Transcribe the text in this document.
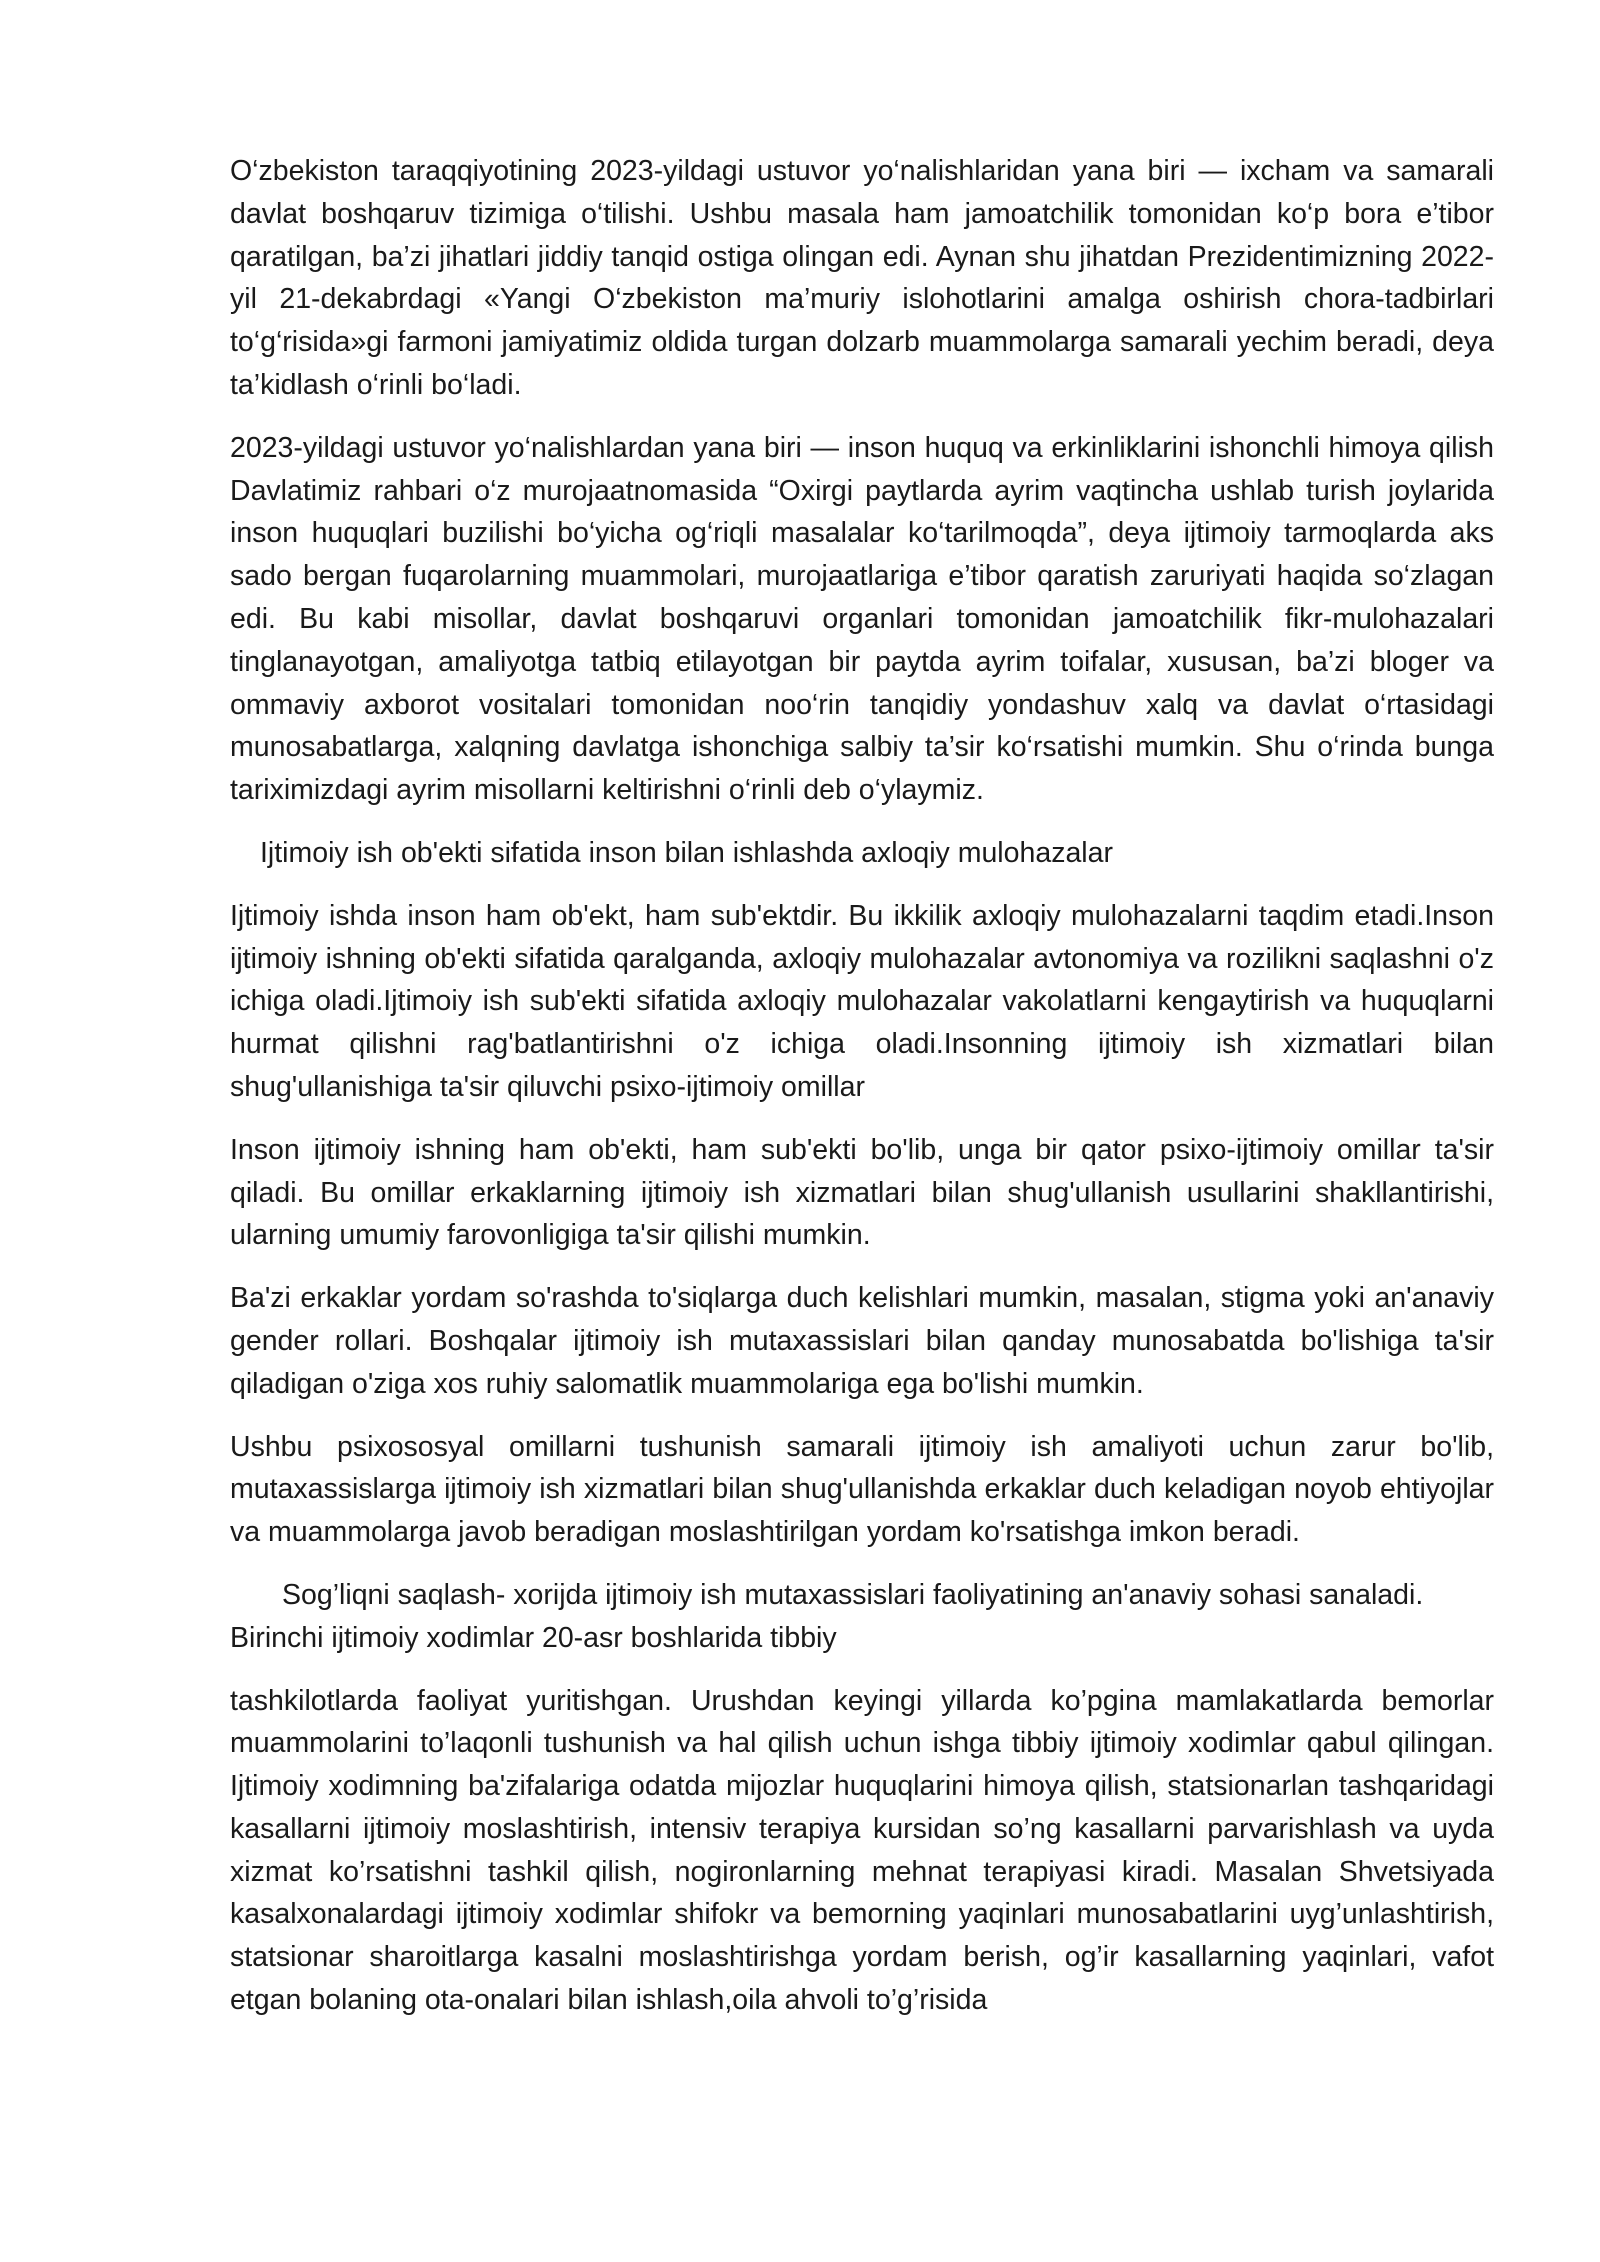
O‘zbekiston taraqqiyotining 2023-yildagi ustuvor yo‘nalishlaridan yana biri — ixcham va samarali davlat boshqaruv tizimiga o‘tilishi. Ushbu masala ham jamoatchilik tomonidan ko‘p bora e’tibor qaratilgan, ba’zi jihatlari jiddiy tanqid ostiga olingan edi. Aynan shu jihatdan Prezidentimizning 2022-yil 21-dekabrdagi «Yangi O‘zbekiston ma’muriy islohotlarini amalga oshirish chora-tadbirlari to‘g‘risida»gi farmoni jamiyatimiz oldida turgan dolzarb muammolarga samarali yechim beradi, deya ta’kidlash o‘rinli bo‘ladi.

2023-yildagi ustuvor yo‘nalishlardan yana biri — inson huquq va erkinliklarini ishonchli himoya qilish Davlatimiz rahbari o‘z murojaatnomasida “Oxirgi paytlarda ayrim vaqtincha ushlab turish joylarida inson huquqlari buzilishi bo‘yicha og‘riqli masalalar ko‘tarilmoqda”, deya ijtimoiy tarmoqlarda aks sado bergan fuqarolarning muammolari, murojaatlariga e’tibor qaratish zaruriyati haqida so‘zlagan edi. Bu kabi misollar, davlat boshqaruvi organlari tomonidan jamoatchilik fikr-mulohazalari tinglanayotgan, amaliyotga tatbiq etilayotgan bir paytda ayrim toifalar, xususan, ba’zi bloger va ommaviy axborot vositalari tomonidan noo‘rin tanqidiy yondashuv xalq va davlat o‘rtasidagi munosabatlarga, xalqning davlatga ishonchiga salbiy ta’sir ko‘rsatishi mumkin. Shu o‘rinda bunga tariximizdagi ayrim misollarni keltirishni o‘rinli deb o‘ylaymiz.

Ijtimoiy ish ob'ekti sifatida inson bilan ishlashda axloqiy mulohazalar

Ijtimoiy ishda inson ham ob'ekt, ham sub'ektdir. Bu ikkilik axloqiy mulohazalarni taqdim etadi.Inson ijtimoiy ishning ob'ekti sifatida qaralganda, axloqiy mulohazalar avtonomiya va rozilikni saqlashni o'z ichiga oladi.Ijtimoiy ish sub'ekti sifatida axloqiy mulohazalar vakolatlarni kengaytirish va huquqlarni hurmat qilishni rag'batlantirishni o'z ichiga oladi.Insonning ijtimoiy ish xizmatlari bilan shug'ullanishiga ta'sir qiluvchi psixo-ijtimoiy omillar

Inson ijtimoiy ishning ham ob'ekti, ham sub'ekti bo'lib, unga bir qator psixo-ijtimoiy omillar ta'sir qiladi. Bu omillar erkaklarning ijtimoiy ish xizmatlari bilan shug'ullanish usullarini shakllantirishi, ularning umumiy farovonligiga ta'sir qilishi mumkin.

Ba'zi erkaklar yordam so'rashda to'siqlarga duch kelishlari mumkin, masalan, stigma yoki an'anaviy gender rollari. Boshqalar ijtimoiy ish mutaxassislari bilan qanday munosabatda bo'lishiga ta'sir qiladigan o'ziga xos ruhiy salomatlik muammolariga ega bo'lishi mumkin.

Ushbu psixososyal omillarni tushunish samarali ijtimoiy ish amaliyoti uchun zarur bo'lib, mutaxassislarga ijtimoiy ish xizmatlari bilan shug'ullanishda erkaklar duch keladigan noyob ehtiyojlar va muammolarga javob beradigan moslashtirilgan yordam ko'rsatishga imkon beradi.

Sog’liqni saqlash- xorijda ijtimoiy ish mutaxassislari faoliyatining an'anaviy sohasi sanaladi. Birinchi ijtimoiy xodimlar 20-asr boshlarida tibbiy

tashkilotlarda faoliyat yuritishgan. Urushdan keyingi yillarda ko’pgina mamlakatlarda bemorlar muammolarini to’laqonli tushunish va hal qilish uchun ishga tibbiy ijtimoiy xodimlar qabul qilingan. Ijtimoiy xodimning ba'zifalariga odatda mijozlar huquqlarini himoya qilish, statsionarlan tashqaridagi kasallarni ijtimoiy moslashtirish, intensiv terapiya kursidan so’ng kasallarni parvarishlash va uyda xizmat ko’rsatishni tashkil qilish, nogironlarning mehnat terapiyasi kiradi. Masalan Shvetsiyada kasalxonalardagi ijtimoiy xodimlar shifokr va bemorning yaqinlari munosabatlarini uyg’unlashtirish, statsionar sharoitlarga kasalni moslashtirishga yordam berish, og’ir kasallarning yaqinlari, vafot etgan bolaning ota-onalari bilan ishlash,oila ahvoli to’g’risida
